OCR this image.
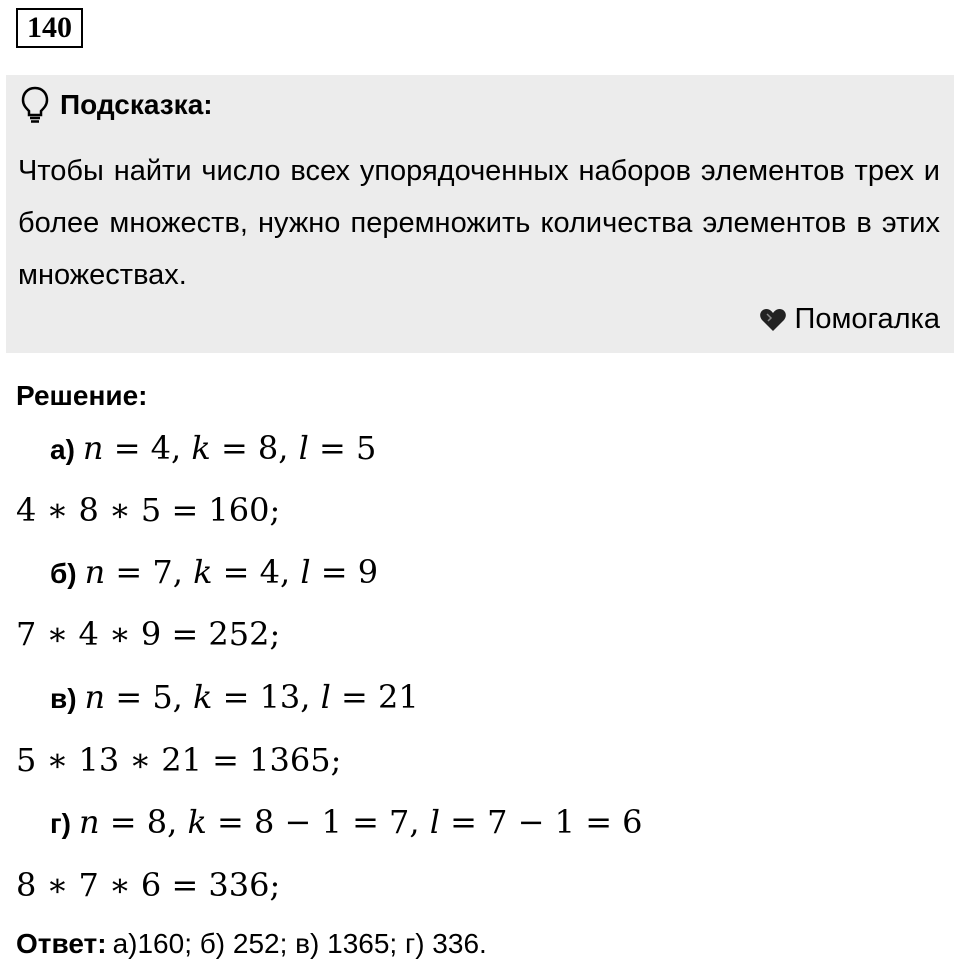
140
Подсказка:
Чтобы найти число всех упорядоченных наборов элементов трех и более множеств, нужно перемножить количества элементов в этих множествах.
Помогалка
Решение:
а) 𝑛 = 4, 𝑘 = 8, 𝑙 = 5
4 ∗ 8 ∗ 5 = 160;
б) 𝑛 = 7, 𝑘 = 4, 𝑙 = 9
7 ∗ 4 ∗ 9 = 252;
в) 𝑛 = 5, 𝑘 = 13, 𝑙 = 21
5 ∗ 13 ∗ 21 = 1365;
г) 𝑛 = 8, 𝑘 = 8 − 1 = 7, 𝑙 = 7 − 1 = 6
8 ∗ 7 ∗ 6 = 336;
Ответ: а)160; б) 252; в) 1365; г) 336.
